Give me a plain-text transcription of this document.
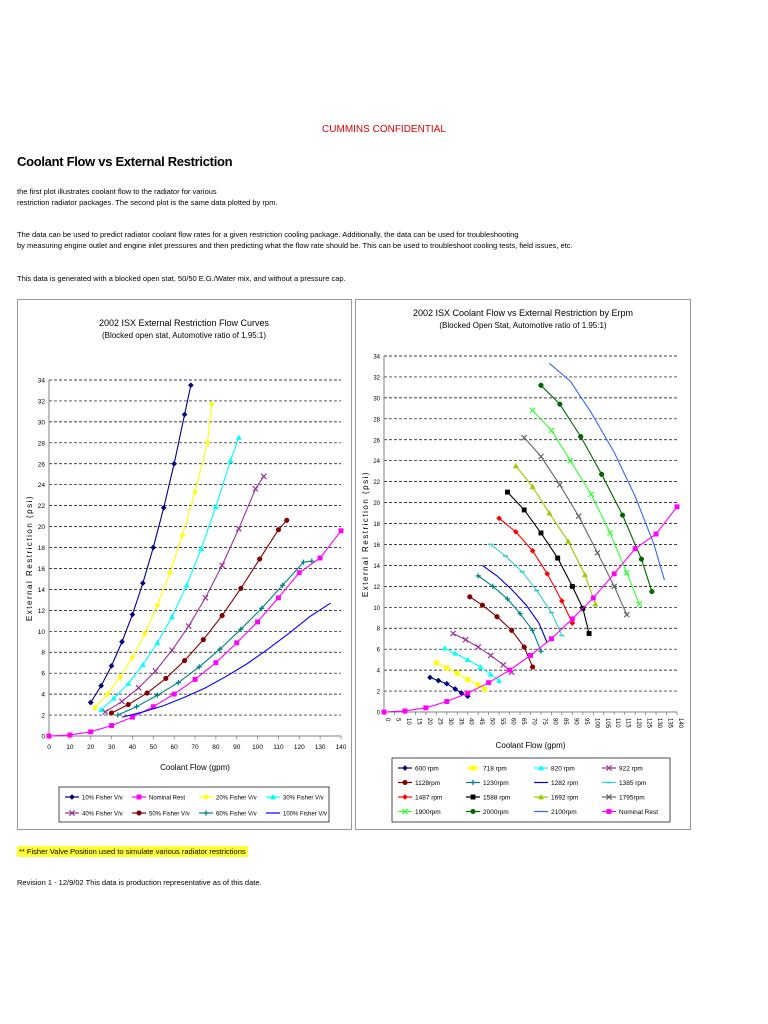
CUMMINS CONFIDENTIAL
Coolant Flow vs External Restriction
the first plot illustrates coolant flow to the radiator for various
restriction radiator packages. The second plot is the same data plotted by rpm.
The data can be used to predict radiator coolant flow rates for a given restriction cooling package. Additionally, the data can be used for troubleshooting
by measuring engine outlet and engine inlet pressures and then predicting what the flow rate should be. This can be used to troubleshoot cooling tests, field issues, etc.
This data is generated with a blocked open stat, 50/50 E.G./Water mix, and without a pressure cap.
2002 ISX External Restriction Flow Curves
(Blocked open stat, Automotive ratio of 1.95:1)
0
2
4
6
8
10
12
14
16
18
20
22
24
26
28
30
32
34
0 10 20 30 40 50 60 70 80 90 100 110 120 130 140
Coolant Flow (gpm)
External Restriction (psi)
10% Fisher V/v	Nominal Rest	20% Fisher V/v	30% Fisher V/v
40% Fisher V/v	50% Fisher V/v	60% Fisher V/v	100% Fisher V/v
2002 ISX Coolant Flow vs External Restriction by Erpm
(Blocked Open Stat, Automotive ratio of 1.95:1)
0
2
4
6
8
10
12
14
16
18
20
22
24
26
28
30
32
34
0 5 10 15 20 25 30 35 40 45 50 55 60 65 70 75 80 85 90 95 100 105 110 115 120 125 130 135 140
Coolant Flow (gpm)
External Restriction (psi)
600 rpm	718 rpm	820 rpm	922 rpm
1128rpm	1230rpm	1282 rpm	1385 rpm
1487 rpm	1588 rpm	1692 rpm	1795rpm
1900rpm	2000rpm	2100rpm	Nominal Rest
** Fisher Valve Position used to simulate various radiator restrictions
Revision 1 - 12/9/02 This data is production representative as of this date.
